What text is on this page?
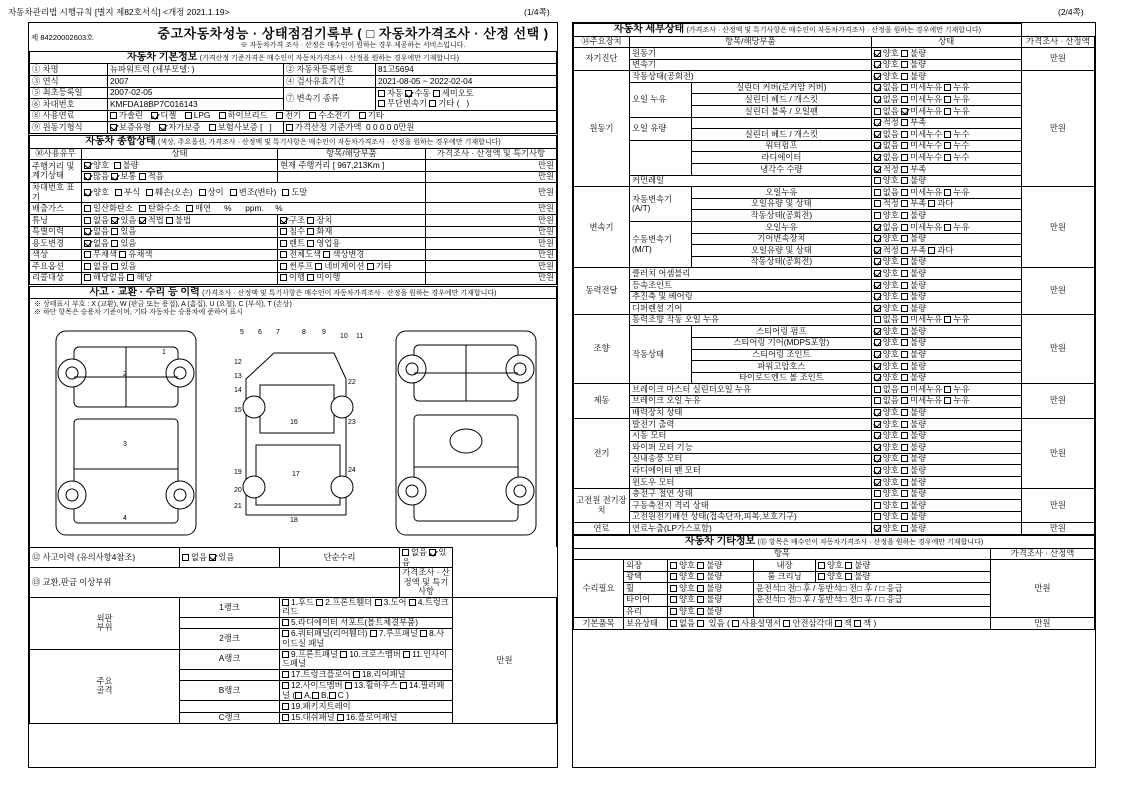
자동차관리법 시행규칙 [별지 제82호서식] <개정 2021.1.19>	(1/4쪽)	(2/4쪽)
제 84220002603호	중고자동차성능 · 상태점검기록부 ( □ 자동차가격조사 · 산정 선택 )
※ 자동차가격 조사 · 산정은 매수인이 원하는 경우 제공하는 서비스입니다.
자동차 기본정보 (가격산정 기준가격은 매수인이 자동차가격조사 · 산정을 원하는 경우에만 기재합니다)			
① 차명	뉴파워트럭 (세부모델: )	② 자동차등록번호	81고5694
③ 연식	2007	④ 검사유효기간	2021-08-05 ~ 2022-02-04
⑤ 최초등록일	2007-02-05	⑦ 변속기 종류	자동 수동 세미오토
무단변속기 기타 (   )

⑥ 차대번호	KMFDA18BP7C016143		
⑧ 사용연료	가솔린 디젤 LPG 하이브리드 전기 수소전기 기타		
⑨ 원동기형식	보증유형 자가보증 보험사보증 [   ]	가격산정 기준가액  0 0 0 0 0만원	
자동차 종합상태 (색상, 주요옵션, 가격조사 · 산정액 및 특기사항은 매수인이 자동차가격조사 · 산정을 원하는 경우에만 기재합니다)			
⑩사용유무	상태	항목/해당부품	가격조사 · 산정액 및 특기사항
주행거리 및 계기상태	양호  불량	현재 주행거리 [ 967,213Km ]	만원
	많음 보통 적음		만원
차대번호 표기	양호 부식 훼손(오손) 상이 변조(변타) 도말		만원
배출가스	일산화탄소 탄화수소 매연   %      ppm.     %		만원
튜닝	없음 있음 적법 불법	구조 장치	만원
특별이력	없음 있음	침수 화재	만원
용도변경	없음 있음	렌트 영업용	만원
색상	무채색 유채색	전체도색 색상변경	만원
주요옵션	없음 있음	썬루프 네비게이션 기타	만원
리콜대상	해당없음 해당	이행 미이행	만원
사고 · 교환 · 수리 등 이력 (가격조사 · 산정액 및 특기사항은 매수인이 자동차가격조사 · 산정을 원하는 경우에만 기재합니다)

※ 상태표시 부호 : X (교환), W (판금 또는 용접), A (흠집), U (요철), C (부식), T (손상)
※ 하단 항목은 승용차 기준이며, 기타 자동차는 승용차에 준하여 표시
1
2
3
4
5 6 7	8 9
10 11
12
13
14
15
16
17
18
19
20
21
22
23
24
⑫ 사고이력 (유의사항4참조)	없음 있음	단순수리	없음 있음	
⑬ 교환,판금 이상부위			가격조사 · 산정액 및 특기사항	
외판
부위	1랭크	1.후드 2.프론트휀더 3.도어 4.트렁크리드		만원
		5.라디에이터 서포트(볼트체결부품)		
	2랭크	6.쿼터패널(리어휀더) 7.루프패널 8.사이드실 패널		
주요
골격	A랭크	9.프론트패널 10.크로스멤버 11.인사이드패널		
		17.트렁크플로어 18.리어패널		
	B랭크	12.사이드멤버 13.휠하우스 14.필러패널 ( A, B, C )		
		19.패키지트레이		
	C랭크	15.대쉬패널 16.플로어패널		
자동차 세부상태 (가격조사 · 산정액 및 특기사항은 매수인이 자동차가격조사 · 산정을 원하는 경우에만 기재합니다)				
⑭주요장치	항목/해당부품		상태	가격조사 · 산정액
자기진단	원동기		양호 불량	만원
	변속기		양호 불량	
원동기	작동상태(공회전)		양호 불량	만원
	오일 누유	실린더 커버(로커암 커버)	없음 미세누유 누유	
		실린더 헤드 / 개스킷	없음 미세누유 누유	
		실린더 블록 / 오일팬	없음 미세누유 누유	
	오일 유량		적정 부족	
		실린더 헤드 / 개스킷	없음 미세누수 누수	
		워터펌프	없음 미세누수 누수	
		라디에이터	없음 미세누수 누수	
		냉각수 수량	적정 부족	
	커먼레일		양호 불량	
변속기	자동변속기 (A/T)	오일누유	없음 미세누유 누유	만원
		오일유량 및 상태	적정 부족 과다	
		작동상태(공회전)	양호 불량	
	수동변속기 (M/T)	오일누유	없음 미세누유 누유	
		기어변속장치	양호 불량	
		오일유량 및 상태	적정 부족 과다	
		작동상태(공회전)	양호 불량	
동력전달	클러치 어셈블리		양호 불량	만원
	등속조인트		양호 불량	
	추진축 및 베어링		양호 불량	
	디퍼렌셜 기어		양호 불량	
조향	동력조향 작동 오일 누유		없음 미세누유 누유	만원
	작동상태	스티어링 펌프	양호 불량	
		스티어링 기어(MDPS포함)	양호 불량	
		스티어링 조인트	양호 불량	
		파워고압호스	양호 불량	
		타이로드엔드 볼 조인트	양호 불량	
제동	브레이크 마스터 실린더오일 누유		없음 미세누유 누유	만원
	브레이크 오일 누유		없음 미세누유 누유	
	배력장치 상태		양호 불량	
전기	발전기 출력		양호 불량	만원
	시동 모터		양호 불량	
	와이퍼 모터 기능		양호 불량	
	실내송풍 모터		양호 불량	
	라디에이터 팬 모터		양호 불량	
	윈도우 모터		양호 불량	
고전원 전기장치	충전구 절연 상태		양호 불량	만원
	구동축전지 격리 상태		양호 불량	
	고전원전기배선 상태(접속단자,피복,보호기구)		양호 불량	
연료	연료누출(LP가스포함)		양호 불량	만원
자동차 기타정보 (⑮ 항목은 매수인이 자동차가격조사 · 산정을 원하는 경우에만 기재합니다)					
항목					가격조사 · 산정액
수리필요	외장	양호 불량	내장	양호 불량	만원
	광택	양호 불량	룸 크리닝	양호 불량	
	휠	양호 불량	운전석□ 전□ 후 / 동반석□ 전□ 후 / □ 응급		
	타이어	양호 불량	운전석□ 전□ 후 / 동반석□ 전□ 후 / □ 응급		
	유리	양호 불량			
기본품목	보유상태	없음  있음 ( 사용설명서 안전삼각대 잭 잭 )			만원
